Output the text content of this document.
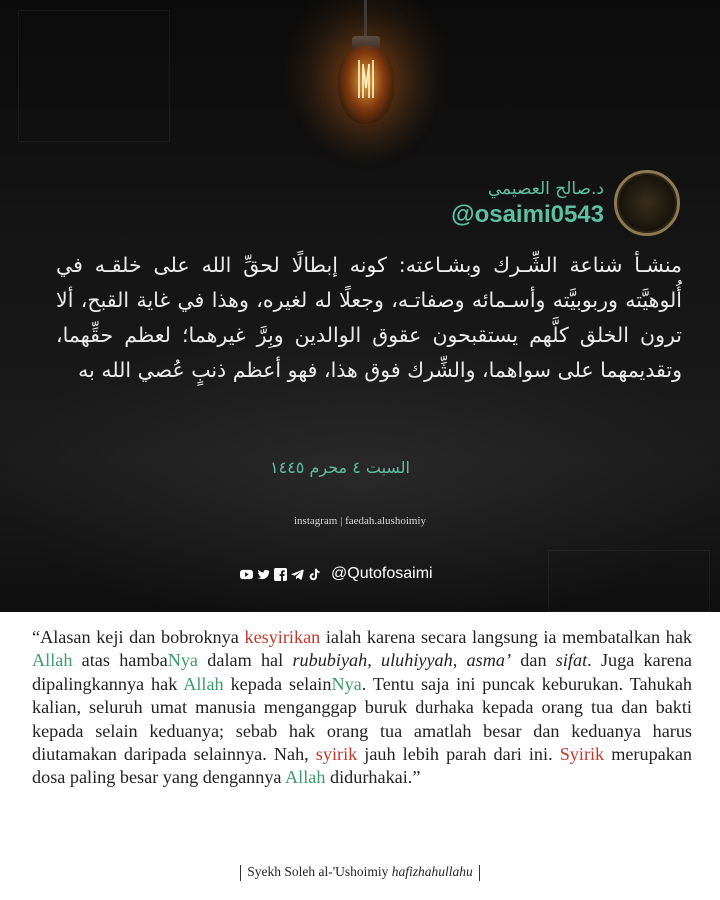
د.صالح العصيمي
@osaimi0543
منشـأ شناعة الشِّـرك وبشـاعته: كونه إبطالًا لحقِّ الله على خلقـه في أُلوهيَّته وربوبيَّته وأسـمائه وصفاتـه، وجعلًا له لغيره، وهذا في غاية القبح، ألا ترون الخلق كلَّهم يستقبحون عقوق الوالدين وبِرَّ غيرهما؛ لعظم حقِّهما، وتقديمهما على سواهما، والشِّرك فوق هذا، فهو أعظم ذنبٍ عُصي الله به
السبت ٤ محرم ١٤٤٥
instagram | faedah.alushoimiy
@Qutofosaimi
“Alasan keji dan bobroknya kesyirikan ialah karena secara langsung ia membatalkan hak Allah atas hambaNya dalam hal rububiyah, uluhiyyah, asma’ dan sifat. Juga karena dipalingkannya hak Allah kepada selainNya. Tentu saja ini puncak keburukan. Tahukah kalian, seluruh umat manusia menganggap buruk durhaka kepada orang tua dan bakti kepada selain keduanya; sebab hak orang tua amatlah besar dan keduanya harus diutamakan daripada selainnya. Nah, syirik jauh lebih parah dari ini. Syirik merupakan dosa paling besar yang dengannya Allah didurhakai.”
Syekh Soleh al-'Ushoimiy hafizhahullahu
